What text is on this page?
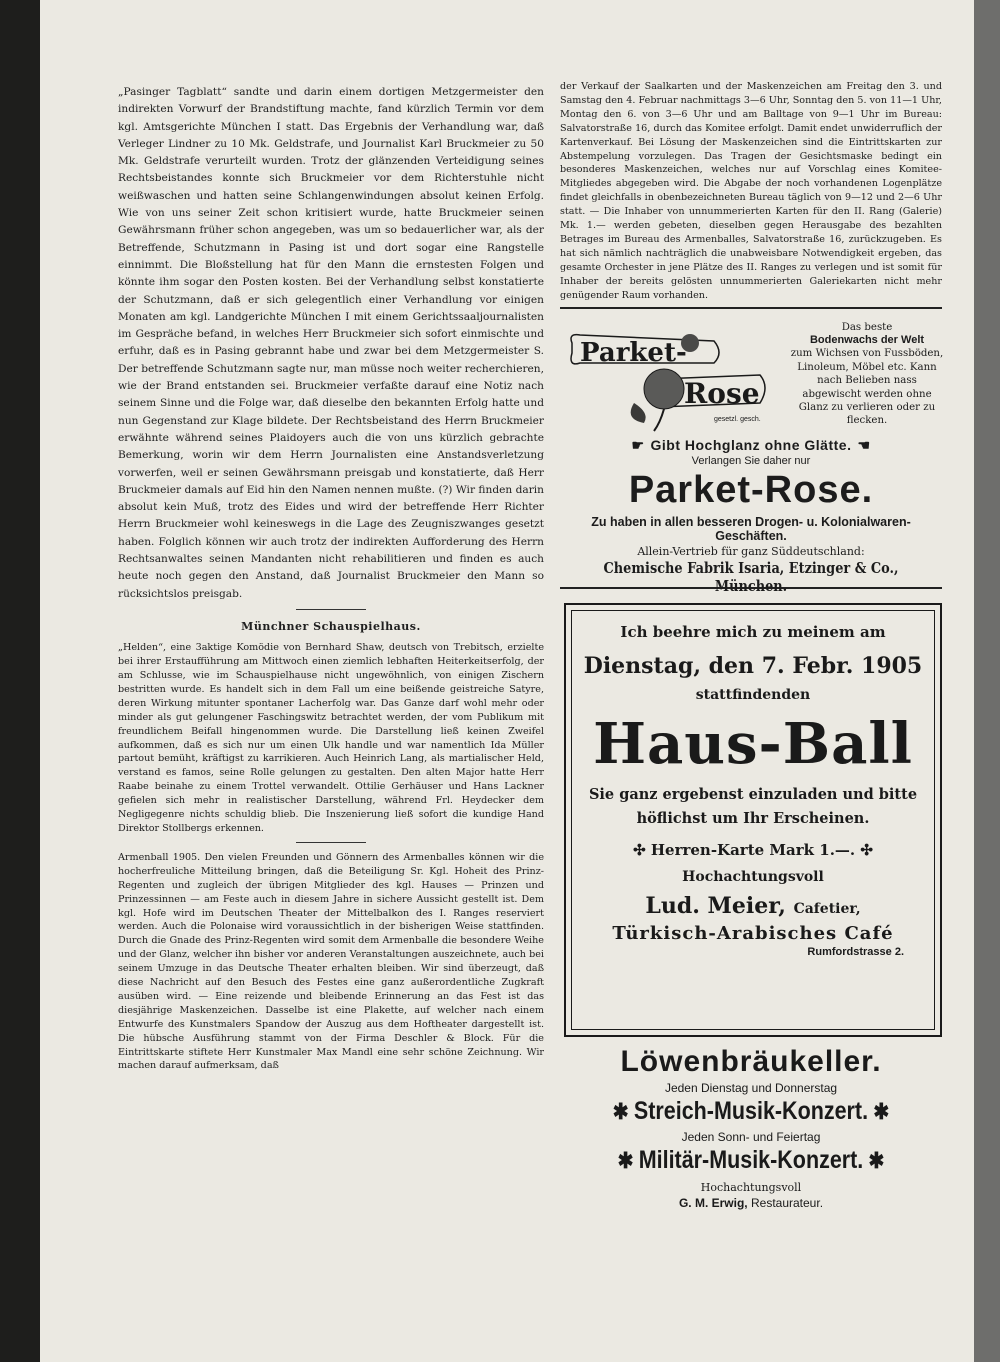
„Pasinger Tagblatt“ sandte und darin einem dortigen Metzgermeister den indirekten Vorwurf der Brandstiftung machte, fand kürzlich Termin vor dem kgl. Amtsgerichte München I statt. Das Ergebnis der Verhandlung war, daß Verleger Lindner zu 10 Mk. Geldstrafe, und Journalist Karl Bruckmeier zu 50 Mk. Geldstrafe verurteilt wurden. Trotz der glänzenden Verteidigung seines Rechtsbeistandes konnte sich Bruckmeier vor dem Richterstuhle nicht weißwaschen und hatten seine Schlangenwindungen absolut keinen Erfolg. Wie von uns seiner Zeit schon kritisiert wurde, hatte Bruckmeier seinen Gewährsmann früher schon angegeben, was um so bedauerlicher war, als der Betreffende, Schutzmann in Pasing ist und dort sogar eine Rangstelle einnimmt. Die Bloßstellung hat für den Mann die ernstesten Folgen und könnte ihm sogar den Posten kosten. Bei der Verhandlung selbst konstatierte der Schutzmann, daß er sich gelegentlich einer Verhandlung vor einigen Monaten am kgl. Landgerichte München I mit einem Gerichtssaaljournalisten im Gespräche befand, in welches Herr Bruckmeier sich sofort einmischte und erfuhr, daß es in Pasing gebrannt habe und zwar bei dem Metzgermeister S. Der betreffende Schutzmann sagte nur, man müsse noch weiter recherchieren, wie der Brand entstanden sei. Bruckmeier verfaßte darauf eine Notiz nach seinem Sinne und die Folge war, daß dieselbe den bekannten Erfolg hatte und nun Gegenstand zur Klage bildete. Der Rechtsbeistand des Herrn Bruckmeier erwähnte während seines Plaidoyers auch die von uns kürzlich gebrachte Bemerkung, worin wir dem Herrn Journalisten eine Anstandsverletzung vorwerfen, weil er seinen Gewährsmann preisgab und konstatierte, daß Herr Bruckmeier damals auf Eid hin den Namen nennen mußte. (?) Wir finden darin absolut kein Muß, trotz des Eides und wird der betreffende Herr Richter Herrn Bruckmeier wohl keineswegs in die Lage des Zeugniszwanges gesetzt haben. Folglich können wir auch trotz der indirekten Aufforderung des Herrn Rechtsanwaltes seinen Mandanten nicht rehabilitieren und finden es auch heute noch gegen den Anstand, daß Journalist Bruckmeier den Mann so rücksichtslos preisgab.

Münchner Schauspielhaus.

„Helden“, eine 3aktige Komödie von Bernhard Shaw, deutsch von Trebitsch, erzielte bei ihrer Erstaufführung am Mittwoch einen ziemlich lebhaften Heiterkeitserfolg, der am Schlusse, wie im Schauspielhause nicht ungewöhnlich, von einigen Zischern bestritten wurde. Es handelt sich in dem Fall um eine beißende geistreiche Satyre, deren Wirkung mitunter spontaner Lacherfolg war. Das Ganze darf wohl mehr oder minder als gut gelungener Faschingswitz betrachtet werden, der vom Publikum mit freundlichem Beifall hingenommen wurde. Die Darstellung ließ keinen Zweifel aufkommen, daß es sich nur um einen Ulk handle und war namentlich Ida Müller partout bemüht, kräftigst zu karrikieren. Auch Heinrich Lang, als martialischer Held, verstand es famos, seine Rolle gelungen zu gestalten. Den alten Major hatte Herr Raabe beinahe zu einem Trottel verwandelt. Ottilie Gerhäuser und Hans Lackner gefielen sich mehr in realistischer Darstellung, während Frl. Heydecker dem Negligegenre nichts schuldig blieb. Die Inszenierung ließ sofort die kundige Hand Direktor Stollbergs erkennen.

Armenball 1905. Den vielen Freunden und Gönnern des Armenballes können wir die hocherfreuliche Mitteilung bringen, daß die Beteiligung Sr. Kgl. Hoheit des Prinz-Regenten und zugleich der übrigen Mitglieder des kgl. Hauses — Prinzen und Prinzessinnen — am Feste auch in diesem Jahre in sichere Aussicht gestellt ist. Dem kgl. Hofe wird im Deutschen Theater der Mittelbalkon des I. Ranges reserviert werden. Auch die Polonaise wird voraussichtlich in der bisherigen Weise stattfinden. Durch die Gnade des Prinz-Regenten wird somit dem Armenballe die besondere Weihe und der Glanz, welcher ihn bisher vor anderen Veranstaltungen auszeichnete, auch bei seinem Umzuge in das Deutsche Theater erhalten bleiben. Wir sind überzeugt, daß diese Nachricht auf den Besuch des Festes eine ganz außerordentliche Zugkraft ausüben wird. — Eine reizende und bleibende Erinnerung an das Fest ist das diesjährige Maskenzeichen. Dasselbe ist eine Plakette, auf welcher nach einem Entwurfe des Kunstmalers Spandow der Auszug aus dem Hoftheater dargestellt ist. Die hübsche Ausführung stammt von der Firma Deschler & Block. Für die Eintrittskarte stiftete Herr Kunstmaler Max Mandl eine sehr schöne Zeichnung. Wir machen darauf aufmerksam, daß

der Verkauf der Saalkarten und der Maskenzeichen am Freitag den 3. und Samstag den 4. Februar nachmittags 3—6 Uhr, Sonntag den 5. von 11—1 Uhr, Montag den 6. von 3—6 Uhr und am Balltage von 9—1 Uhr im Bureau: Salvatorstraße 16, durch das Komitee erfolgt. Damit endet unwiderruflich der Kartenverkauf. Bei Lösung der Maskenzeichen sind die Eintrittskarten zur Abstempelung vorzulegen. Das Tragen der Gesichtsmaske bedingt ein besonderes Maskenzeichen, welches nur auf Vorschlag eines Komitee-Mitgliedes abgegeben wird. Die Abgabe der noch vorhandenen Logenplätze findet gleichfalls in obenbezeichneten Bureau täglich von 9—12 und 2—6 Uhr statt. — Die Inhaber von unnummerierten Karten für den II. Rang (Galerie) Mk. 1.— werden gebeten, dieselben gegen Herausgabe des bezahlten Betrages im Bureau des Armenballes, Salvatorstraße 16, zurückzugeben. Es hat sich nämlich nachträglich die unabweisbare Notwendigkeit ergeben, das gesamte Orchester in jene Plätze des II. Ranges zu verlegen und ist somit für Inhaber der bereits gelösten unnummerierten Galeriekarten nicht mehr genügender Raum vorhanden.
Parket-
Rose
gesetzl. gesch.
Das beste
Bodenwachs der Welt
zum Wichsen von Fussböden, Linoleum, Möbel etc. Kann nach Belieben nass abgewischt werden ohne Glanz zu verlieren oder zu flecken.
☛ Gibt Hochglanz ohne Glätte. ☚
Verlangen Sie daher nur
Parket-Rose.
Zu haben in allen besseren Drogen- u. Kolonialwaren-Geschäften.
Allein-Vertrieb für ganz Süddeutschland:
Chemische Fabrik Isaria, Etzinger & Co., München.
Ich beehre mich zu meinem am
Dienstag, den 7. Febr. 1905
stattfindenden
Haus-Ball
Sie ganz ergebenst einzuladen und bitte höflichst um Ihr Erscheinen.
✣ Herren-Karte Mark 1.—. ✣
Hochachtungsvoll
Lud. Meier, Cafetier,
Türkisch-Arabisches Café
Rumfordstrasse 2.
Löwenbräukeller.
Jeden Dienstag und Donnerstag
✱ Streich-Musik-Konzert. ✱
Jeden Sonn- und Feiertag
✱ Militär-Musik-Konzert. ✱
Hochachtungsvoll
G. M. Erwig, Restaurateur.
